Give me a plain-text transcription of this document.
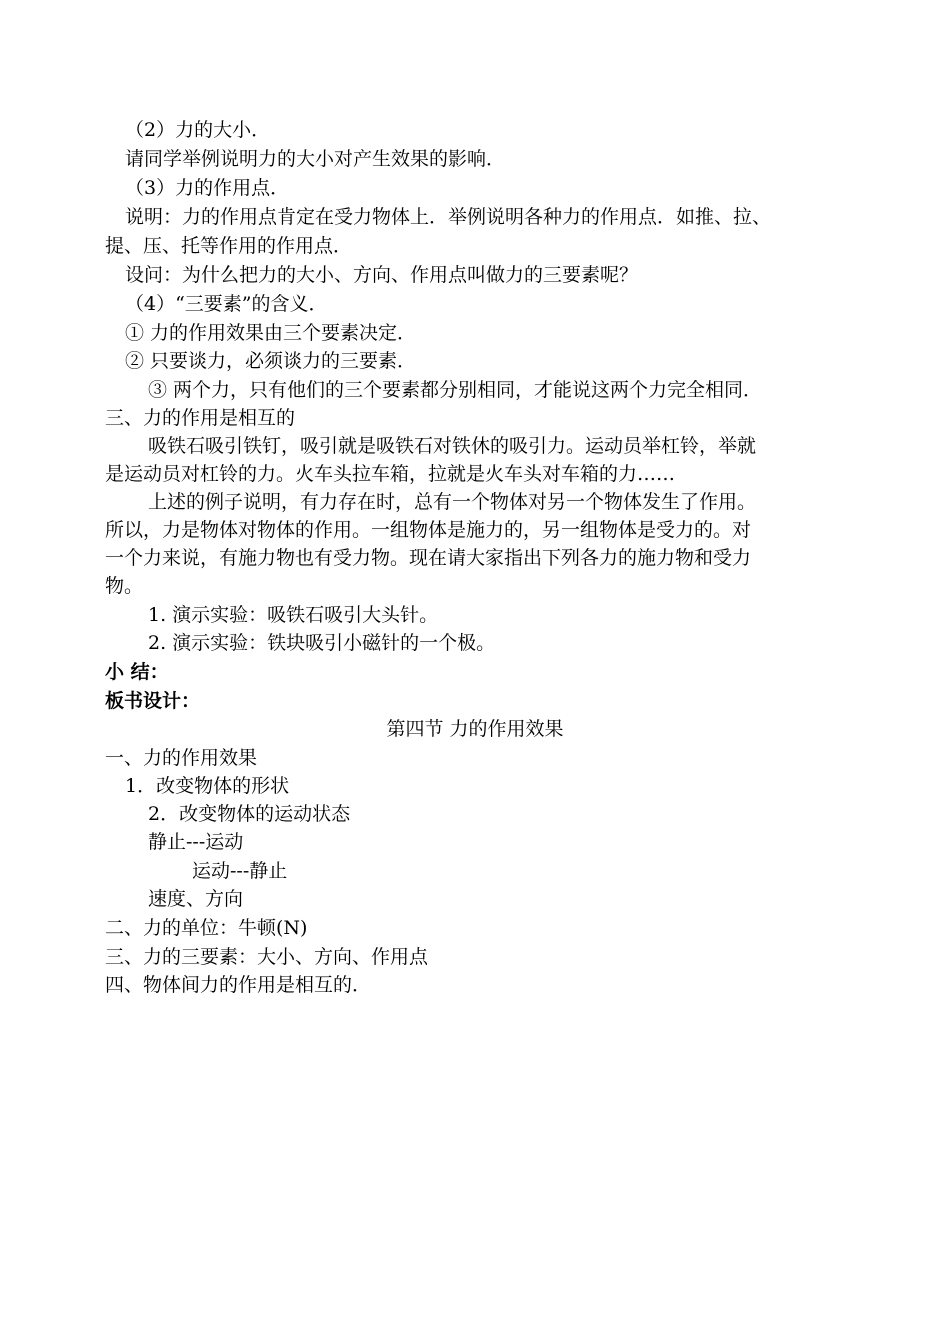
（2）力的大小．
请同学举例说明力的大小对产生效果的影响．
（3）力的作用点．
说明：力的作用点肯定在受力物体上．举例说明各种力的作用点．如推、拉、
提、压、托等作用的作用点．
设问：为什么把力的大小、方向、作用点叫做力的三要素呢？
（4）“三要素”的含义．
① 力的作用效果由三个要素决定．
② 只要谈力，必须谈力的三要素．
③ 两个力，只有他们的三个要素都分别相同，才能说这两个力完全相同．
三、力的作用是相互的
吸铁石吸引铁钉，吸引就是吸铁石对铁休的吸引力。运动员举杠铃，举就
是运动员对杠铃的力。火车头拉车箱，拉就是火车头对车箱的力……
上述的例子说明，有力存在时，总有一个物体对另一个物体发生了作用。
所以，力是物体对物体的作用。一组物体是施力的，另一组物体是受力的。对
一个力来说，有施力物也有受力物。现在请大家指出下列各力的施力物和受力
物。
1. 演示实验：吸铁石吸引大头针。
2. 演示实验：铁块吸引小磁针的一个极。
小 结：
板书设计：
第四节 力的作用效果
一、力的作用效果
1．改变物体的形状
2．改变物体的运动状态
静止---运动
运动---静止
速度、方向
二、力的单位：牛顿(N)
三、力的三要素：大小、方向、作用点
四、物体间力的作用是相互的．
